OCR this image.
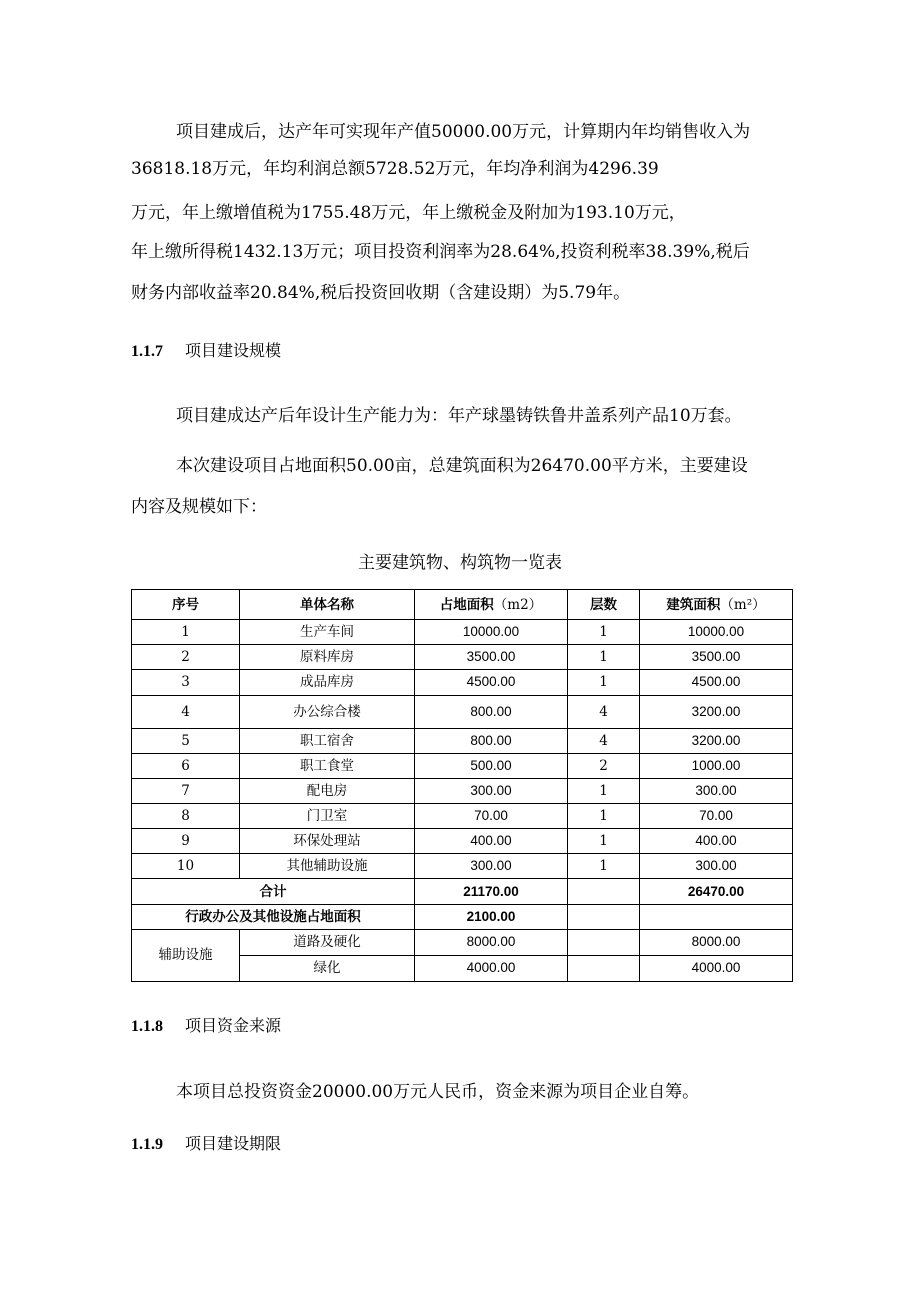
项目建成后，达产年可实现年产值50000.00万元，计算期内年均销售收入为
36818.18万元，年均利润总额5728.52万元，年均净利润为4296.39
万元，年上缴增值税为1755.48万元，年上缴税金及附加为193.10万元，
年上缴所得税1432.13万元；项目投资利润率为28.64%,投资利税率38.39%,税后
财务内部收益率20.84%,税后投资回收期（含建设期）为5.79年。
1.1.7 项目建设规模
项目建成达产后年设计生产能力为：年产球墨铸铁鲁井盖系列产品10万套。
本次建设项目占地面积50.00亩，总建筑面积为26470.00平方米，主要建设
内容及规模如下：
主要建筑物、构筑物一览表
序号	单体名称	占地面积（m2）	层数	建筑面积（m²）
1	生产车间	10000.00	1	10000.00
2	原料库房	3500.00	1	3500.00
3	成品库房	4500.00	1	4500.00
4	办公综合楼	800.00	4	3200.00
5	职工宿舍	800.00	4	3200.00
6	职工食堂	500.00	2	1000.00
7	配电房	300.00	1	300.00
8	门卫室	70.00	1	70.00
9	环保处理站	400.00	1	400.00
10	其他辅助设施	300.00	1	300.00
合计		21170.00		26470.00
行政办公及其他设施占地面积		2100.00		
辅助设施	道路及硬化	8000.00		8000.00
	绿化	4000.00		4000.00
1.1.8 项目资金来源
本项目总投资资金20000.00万元人民币，资金来源为项目企业自筹。
1.1.9 项目建设期限
